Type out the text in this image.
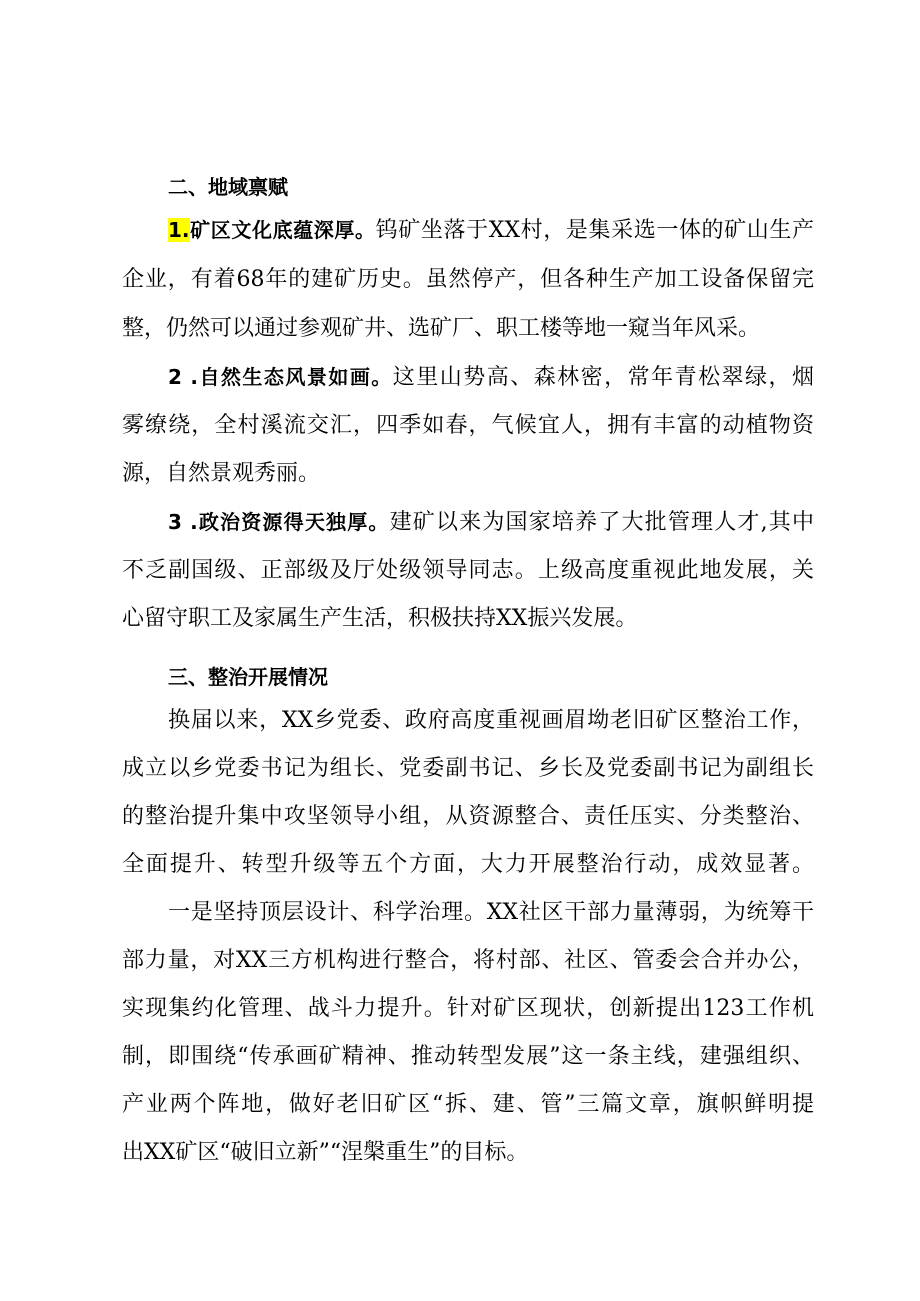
二、地域禀赋
1.矿区文化底蕴深厚。钨矿坐落于XX村，是集采选一体的矿山生产
企业，有着68年的建矿历史。虽然停产，但各种生产加工设备保留完
整，仍然可以通过参观矿井、选矿厂、职工楼等地一窥当年风采。
2 .自然生态风景如画。这里山势高、森林密，常年青松翠绿，烟
雾缭绕，全村溪流交汇，四季如春，气候宜人，拥有丰富的动植物资
源，自然景观秀丽。
3 .政治资源得天独厚。建矿以来为国家培养了大批管理人才,其中
不乏副国级、正部级及厅处级领导同志。上级高度重视此地发展，关
心留守职工及家属生产生活，积极扶持XX振兴发展。
三、整治开展情况
换届以来，XX乡党委、政府高度重视画眉坳老旧矿区整治工作，
成立以乡党委书记为组长、党委副书记、乡长及党委副书记为副组长
的整治提升集中攻坚领导小组，从资源整合、责任压实、分类整治、
全面提升、转型升级等五个方面，大力开展整治行动，成效显著。
一是坚持顶层设计、科学治理。XX社区干部力量薄弱，为统筹干
部力量，对XX三方机构进行整合，将村部、社区、管委会合并办公，
实现集约化管理、战斗力提升。针对矿区现状，创新提出123工作机
制，即围绕“传承画矿精神、推动转型发展”这一条主线，建强组织、
产业两个阵地，做好老旧矿区“拆、建、管”三篇文章，旗帜鲜明提
出XX矿区“破旧立新”“涅槃重生”的目标。
